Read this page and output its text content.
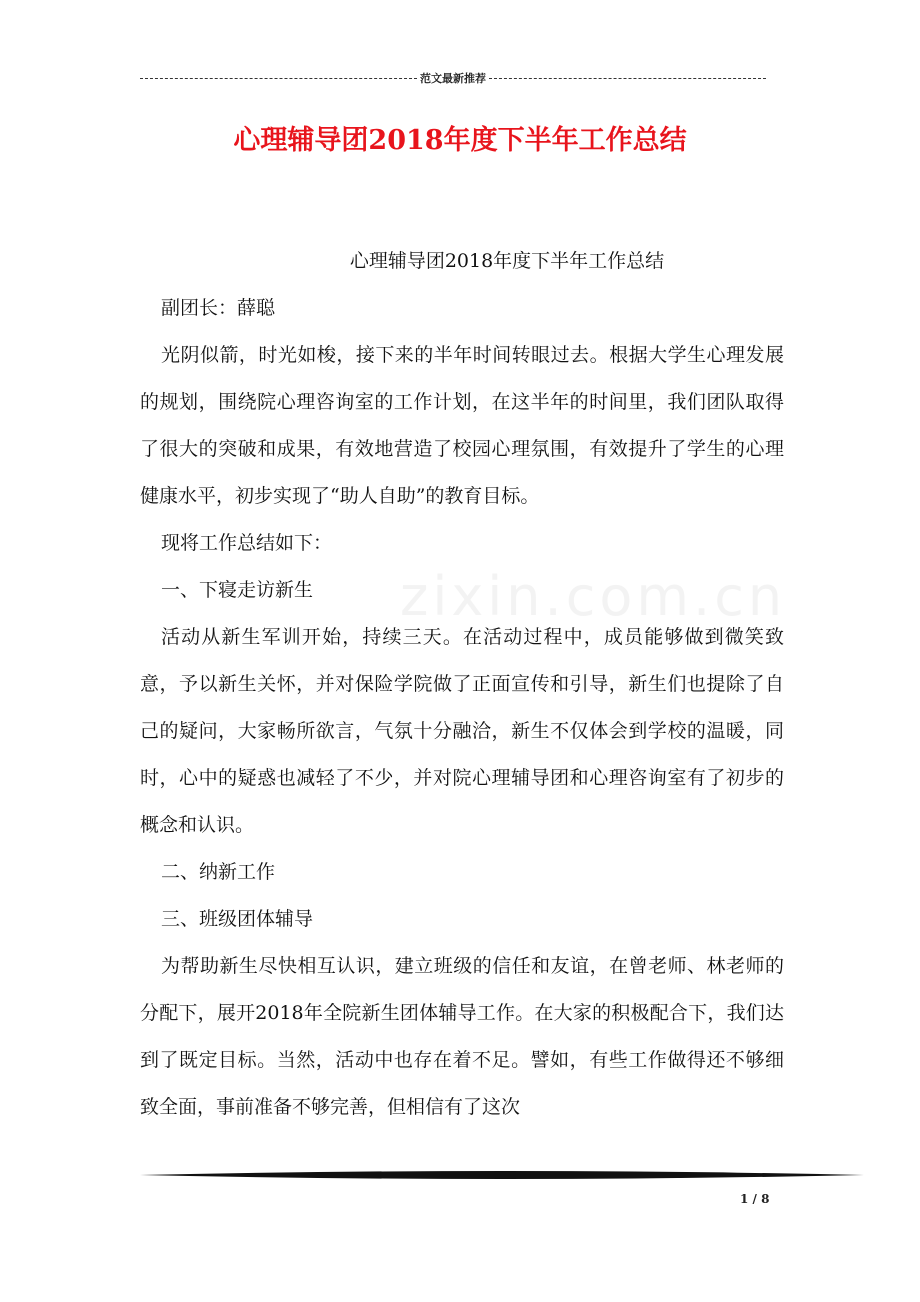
范文最新推荐
心理辅导团2018年度下半年工作总结
zixin.com.cn

心理辅导团2018年度下半年工作总结

副团长：薛聪

光阴似箭，时光如梭，接下来的半年时间转眼过去。根据大学生心理发展的规划，围绕院心理咨询室的工作计划，在这半年的时间里，我们团队取得了很大的突破和成果，有效地营造了校园心理氛围，有效提升了学生的心理健康水平，初步实现了“助人自助”的教育目标。

现将工作总结如下：

一、下寝走访新生

活动从新生军训开始，持续三天。在活动过程中，成员能够做到微笑致意，予以新生关怀，并对保险学院做了正面宣传和引导，新生们也提除了自己的疑问，大家畅所欲言，气氛十分融洽，新生不仅体会到学校的温暖，同时，心中的疑惑也减轻了不少，并对院心理辅导团和心理咨询室有了初步的概念和认识。

二、纳新工作

三、班级团体辅导

为帮助新生尽快相互认识，建立班级的信任和友谊，在曾老师、林老师的分配下，展开2018年全院新生团体辅导工作。在大家的积极配合下，我们达到了既定目标。当然，活动中也存在着不足。譬如，有些工作做得还不够细致全面，事前准备不够完善，但相信有了这次

1 / 8
